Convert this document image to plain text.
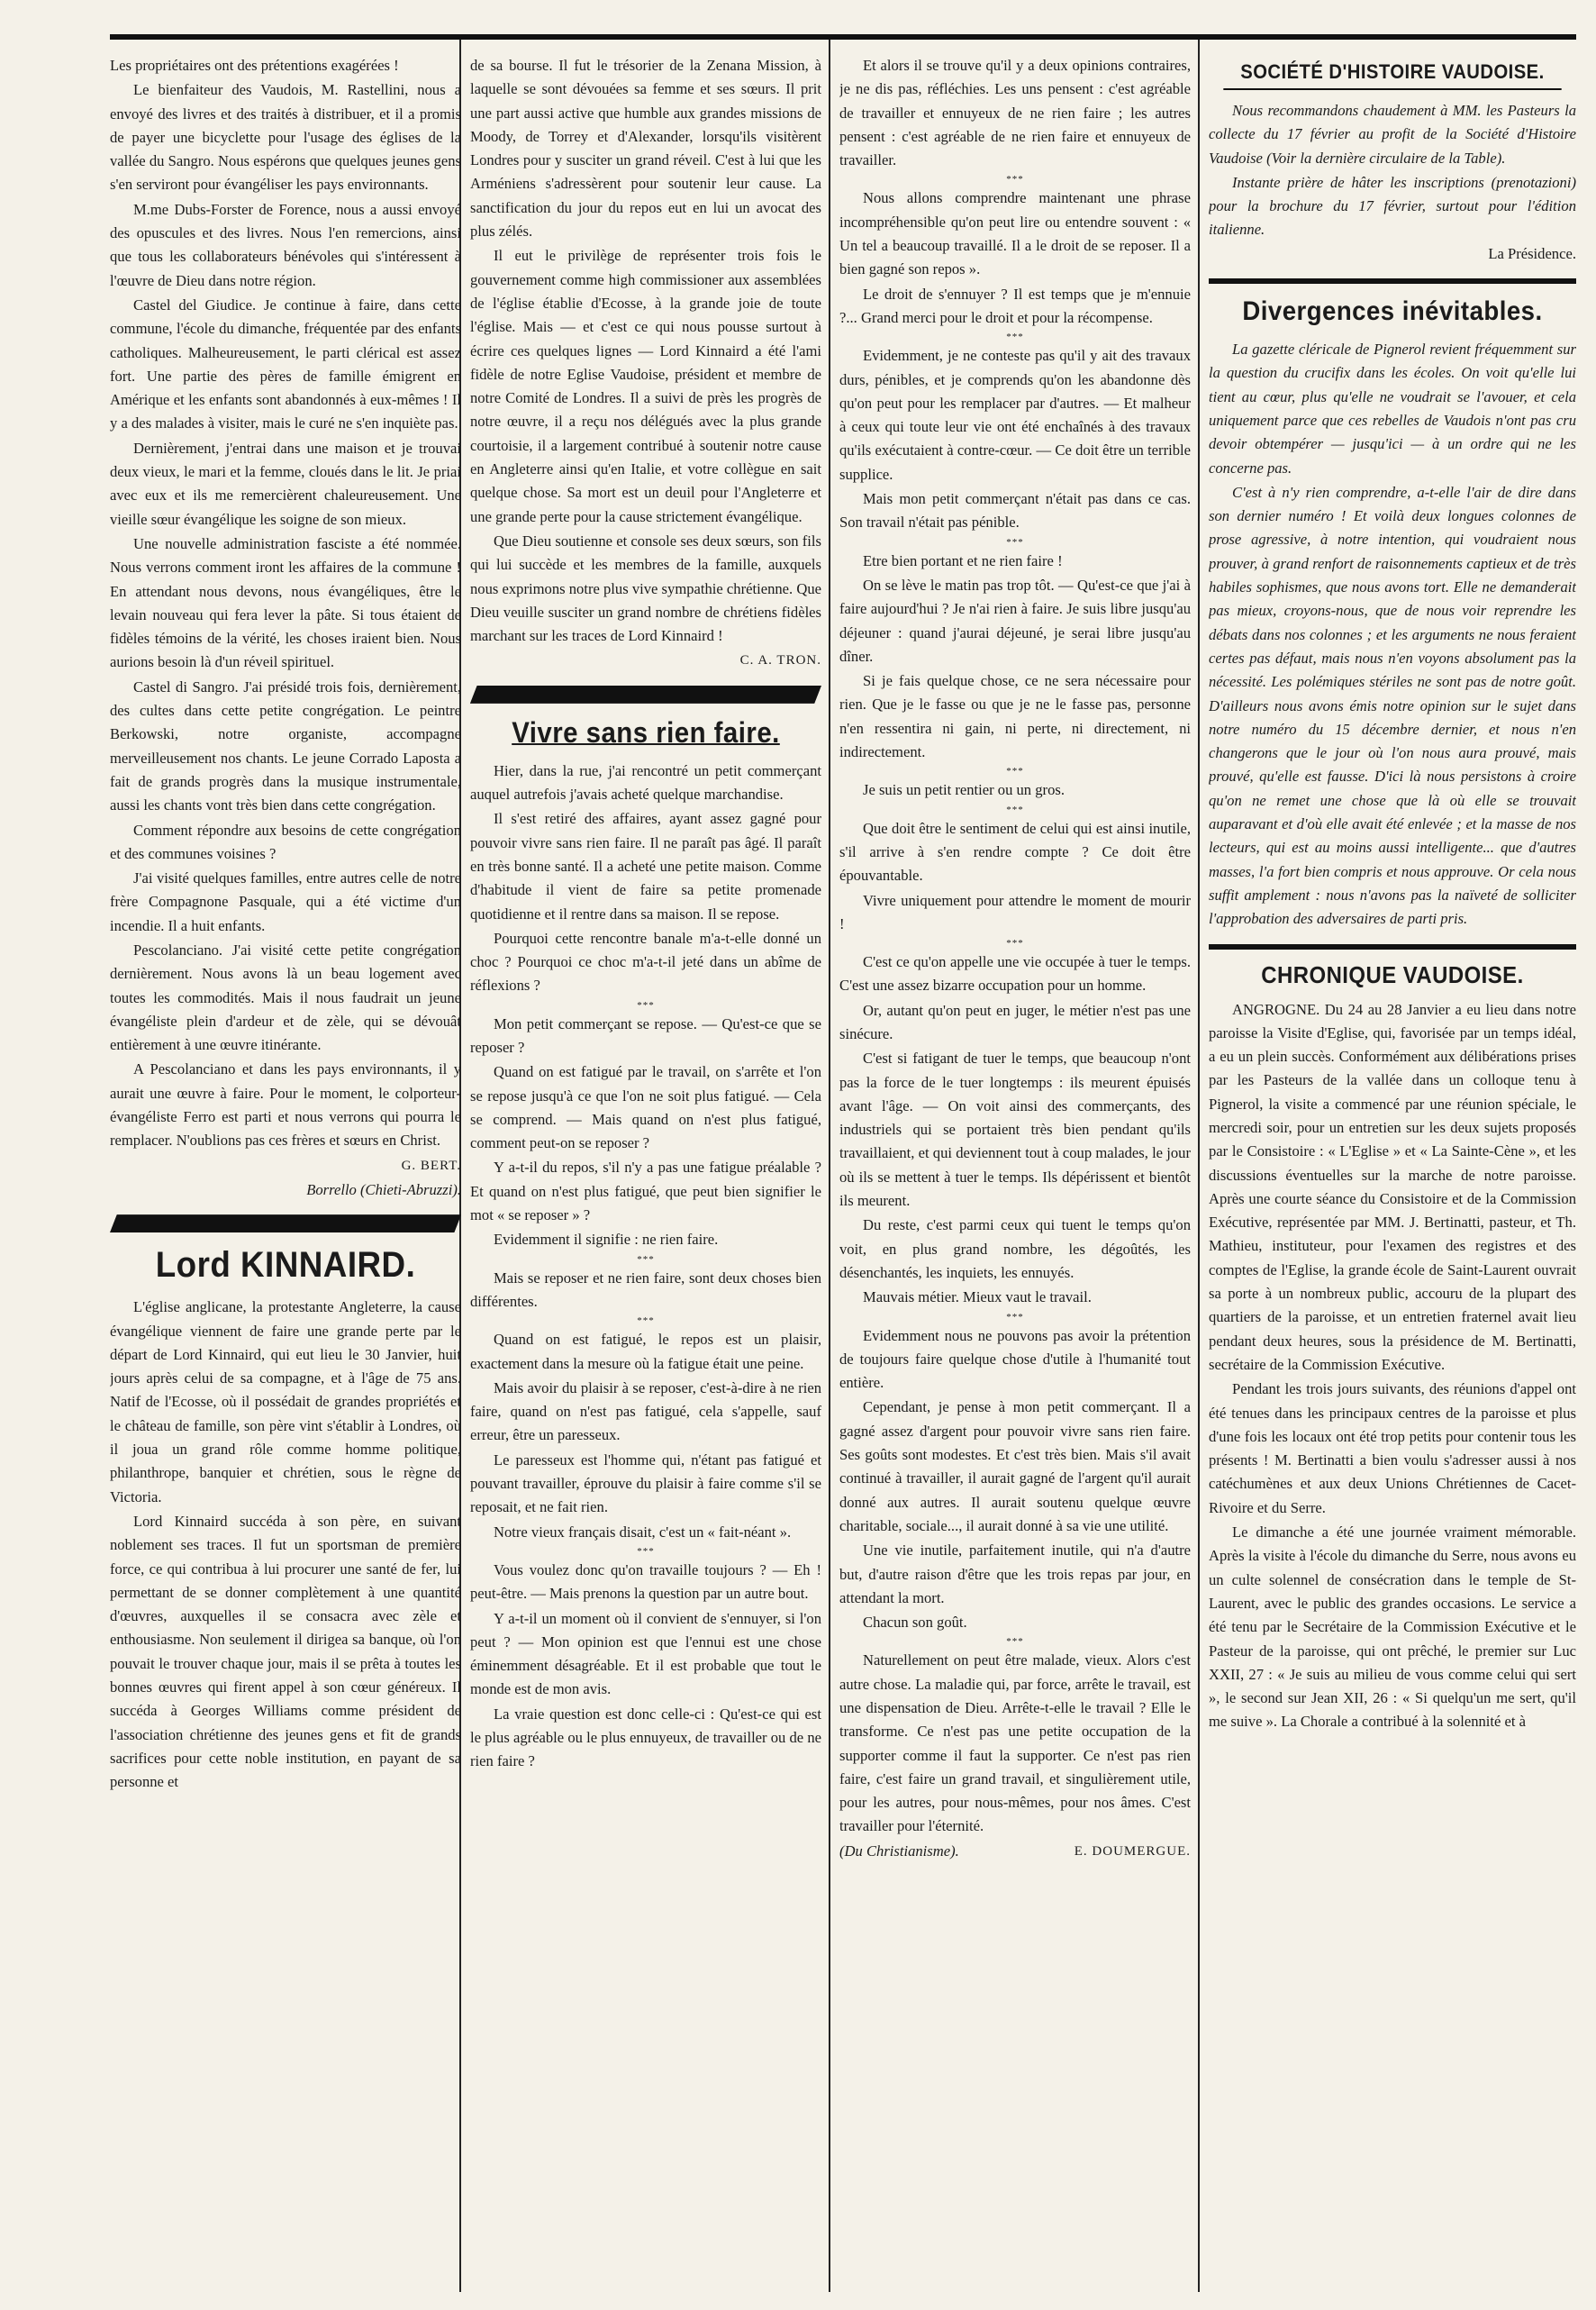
Les propriétaires ont des prétentions exagérées !

Le bienfaiteur des Vaudois, M. Rastellini, nous a envoyé des livres et des traités à distribuer, et il a promis de payer une bicyclette pour l'usage des églises de la vallée du Sangro. Nous espérons que quelques jeunes gens s'en serviront pour évangéliser les pays environnants.

M.me Dubs-Forster de Forence, nous a aussi envoyé des opuscules et des livres. Nous l'en remercions, ainsi que tous les collaborateurs bénévoles qui s'intéressent à l'œuvre de Dieu dans notre région.

Castel del Giudice. Je continue à faire, dans cette commune, l'école du dimanche, fréquentée par des enfants catholiques. Malheureusement, le parti clérical est assez fort. Une partie des pères de famille émigrent en Amérique et les enfants sont abandonnés à eux-mêmes ! Il y a des malades à visiter, mais le curé ne s'en inquiète pas.

Dernièrement, j'entrai dans une maison et je trouvai deux vieux, le mari et la femme, cloués dans le lit. Je priai avec eux et ils me remercièrent chaleureusement. Une vieille sœur évangélique les soigne de son mieux.

Une nouvelle administration fasciste a été nommée. Nous verrons comment iront les affaires de la commune ! En attendant nous devons, nous évangéliques, être le levain nouveau qui fera lever la pâte. Si tous étaient de fidèles témoins de la vérité, les choses iraient bien. Nous aurions besoin là d'un réveil spirituel.

Castel di Sangro. J'ai présidé trois fois, dernièrement, des cultes dans cette petite congrégation. Le peintre Berkowski, notre organiste, accompagne merveilleusement nos chants. Le jeune Corrado Laposta a fait de grands progrès dans la musique instrumentale, aussi les chants vont très bien dans cette congrégation.

Comment répondre aux besoins de cette congrégation et des communes voisines ?

J'ai visité quelques familles, entre autres celle de notre frère Compagnone Pasquale, qui a été victime d'un incendie. Il a huit enfants.

Pescolanciano. J'ai visité cette petite congrégation dernièrement. Nous avons là un beau logement avec toutes les commodités. Mais il nous faudrait un jeune évangéliste plein d'ardeur et de zèle, qui se dévouât entièrement à une œuvre itinérante.

A Pescolanciano et dans les pays environnants, il y aurait une œuvre à faire. Pour le moment, le colporteur-évangéliste Ferro est parti et nous verrons qui pourra le remplacer. N'oublions pas ces frères et sœurs en Christ.

G. BERT.

Borrello (Chieti-Abruzzi).

Lord KINNAIRD.

L'église anglicane, la protestante Angleterre, la cause évangélique viennent de faire une grande perte par le départ de Lord Kinnaird, qui eut lieu le 30 Janvier, huit jours après celui de sa compagne, et à l'âge de 75 ans. Natif de l'Ecosse, où il possédait de grandes propriétés et le château de famille, son père vint s'établir à Londres, où il joua un grand rôle comme homme politique, philanthrope, banquier et chrétien, sous le règne de Victoria.

Lord Kinnaird succéda à son père, en suivant noblement ses traces. Il fut un sportsman de première force, ce qui contribua à lui procurer une santé de fer, lui permettant de se donner complètement à une quantité d'œuvres, auxquelles il se consacra avec zèle et enthousiasme. Non seulement il dirigea sa banque, où l'on pouvait le trouver chaque jour, mais il se prêta à toutes les bonnes œuvres qui firent appel à son cœur généreux. Il succéda à Georges Williams comme président de l'association chrétienne des jeunes gens et fit de grands sacrifices pour cette noble institution, en payant de sa personne et

de sa bourse. Il fut le trésorier de la Zenana Mission, à laquelle se sont dévouées sa femme et ses sœurs. Il prit une part aussi active que humble aux grandes missions de Moody, de Torrey et d'Alexander, lorsqu'ils visitèrent Londres pour y susciter un grand réveil. C'est à lui que les Arméniens s'adressèrent pour soutenir leur cause. La sanctification du jour du repos eut en lui un avocat des plus zélés.

Il eut le privilège de représenter trois fois le gouvernement comme high commissioner aux assemblées de l'église établie d'Ecosse, à la grande joie de toute l'église. Mais — et c'est ce qui nous pousse surtout à écrire ces quelques lignes — Lord Kinnaird a été l'ami fidèle de notre Eglise Vaudoise, président et membre de notre Comité de Londres. Il a suivi de près les progrès de notre œuvre, il a reçu nos délégués avec la plus grande courtoisie, il a largement contribué à soutenir notre cause en Angleterre ainsi qu'en Italie, et votre collègue en sait quelque chose. Sa mort est un deuil pour l'Angleterre et une grande perte pour la cause strictement évangélique.

Que Dieu soutienne et console ses deux sœurs, son fils qui lui succède et les membres de la famille, auxquels nous exprimons notre plus vive sympathie chrétienne. Que Dieu veuille susciter un grand nombre de chrétiens fidèles marchant sur les traces de Lord Kinnaird !

C. A. TRON.

Vivre sans rien faire.

Hier, dans la rue, j'ai rencontré un petit commerçant auquel autrefois j'avais acheté quelque marchandise.

Il s'est retiré des affaires, ayant assez gagné pour pouvoir vivre sans rien faire. Il ne paraît pas âgé. Il paraît en très bonne santé. Il a acheté une petite maison. Comme d'habitude il vient de faire sa petite promenade quotidienne et il rentre dans sa maison. Il se repose.

Pourquoi cette rencontre banale m'a-t-elle donné un choc ? Pourquoi ce choc m'a-t-il jeté dans un abîme de réflexions ?

***

Mon petit commerçant se repose. — Qu'est-ce que se reposer ?

Quand on est fatigué par le travail, on s'arrête et l'on se repose jusqu'à ce que l'on ne soit plus fatigué. — Cela se comprend. — Mais quand on n'est plus fatigué, comment peut-on se reposer ?

Y a-t-il du repos, s'il n'y a pas une fatigue préalable ? Et quand on n'est plus fatigué, que peut bien signifier le mot « se reposer » ?

Evidemment il signifie : ne rien faire.

***

Mais se reposer et ne rien faire, sont deux choses bien différentes.

***

Quand on est fatigué, le repos est un plaisir, exactement dans la mesure où la fatigue était une peine.

Mais avoir du plaisir à se reposer, c'est-à-dire à ne rien faire, quand on n'est pas fatigué, cela s'appelle, sauf erreur, être un paresseux.

Le paresseux est l'homme qui, n'étant pas fatigué et pouvant travailler, éprouve du plaisir à faire comme s'il se reposait, et ne fait rien.

Notre vieux français disait, c'est un « fait-néant ».

***

Vous voulez donc qu'on travaille toujours ? — Eh ! peut-être. — Mais prenons la question par un autre bout.

Y a-t-il un moment où il convient de s'ennuyer, si l'on peut ? — Mon opinion est que l'ennui est une chose éminemment désagréable. Et il est probable que tout le monde est de mon avis.

La vraie question est donc celle-ci : Qu'est-ce qui est le plus agréable ou le plus ennuyeux, de travailler ou de ne rien faire ?

Et alors il se trouve qu'il y a deux opinions contraires, je ne dis pas, réfléchies. Les uns pensent : c'est agréable de travailler et ennuyeux de ne rien faire ; les autres pensent : c'est agréable de ne rien faire et ennuyeux de travailler.

***

Nous allons comprendre maintenant une phrase incompréhensible qu'on peut lire ou entendre souvent : « Un tel a beaucoup travaillé. Il a le droit de se reposer. Il a bien gagné son repos ».

Le droit de s'ennuyer ? Il est temps que je m'ennuie ?... Grand merci pour le droit et pour la récompense.

***

Evidemment, je ne conteste pas qu'il y ait des travaux durs, pénibles, et je comprends qu'on les abandonne dès qu'on peut pour les remplacer par d'autres. — Et malheur à ceux qui toute leur vie ont été enchaînés à des travaux qu'ils exécutaient à contre-cœur. — Ce doit être un terrible supplice.

Mais mon petit commerçant n'était pas dans ce cas. Son travail n'était pas pénible.

***

Etre bien portant et ne rien faire !

On se lève le matin pas trop tôt. — Qu'est-ce que j'ai à faire aujourd'hui ? Je n'ai rien à faire. Je suis libre jusqu'au déjeuner : quand j'aurai déjeuné, je serai libre jusqu'au dîner.

Si je fais quelque chose, ce ne sera nécessaire pour rien. Que je le fasse ou que je ne le fasse pas, personne n'en ressentira ni gain, ni perte, ni directement, ni indirectement.

***

Je suis un petit rentier ou un gros.

***

Que doit être le sentiment de celui qui est ainsi inutile, s'il arrive à s'en rendre compte ? Ce doit être épouvantable.

Vivre uniquement pour attendre le moment de mourir !

***

C'est ce qu'on appelle une vie occupée à tuer le temps. C'est une assez bizarre occupation pour un homme.

Or, autant qu'on peut en juger, le métier n'est pas une sinécure.

C'est si fatigant de tuer le temps, que beaucoup n'ont pas la force de le tuer longtemps : ils meurent épuisés avant l'âge. — On voit ainsi des commerçants, des industriels qui se portaient très bien pendant qu'ils travaillaient, et qui deviennent tout à coup malades, le jour où ils se mettent à tuer le temps. Ils dépérissent et bientôt ils meurent.

Du reste, c'est parmi ceux qui tuent le temps qu'on voit, en plus grand nombre, les dégoûtés, les désenchantés, les inquiets, les ennuyés.

Mauvais métier. Mieux vaut le travail.

***

Evidemment nous ne pouvons pas avoir la prétention de toujours faire quelque chose d'utile à l'humanité tout entière.

Cependant, je pense à mon petit commerçant. Il a gagné assez d'argent pour pouvoir vivre sans rien faire. Ses goûts sont modestes. Et c'est très bien. Mais s'il avait continué à travailler, il aurait gagné de l'argent qu'il aurait donné aux autres. Il aurait soutenu quelque œuvre charitable, sociale..., il aurait donné à sa vie une utilité.

Une vie inutile, parfaitement inutile, qui n'a d'autre but, d'autre raison d'être que les trois repas par jour, en attendant la mort.

Chacun son goût.

***

Naturellement on peut être malade, vieux. Alors c'est autre chose. La maladie qui, par force, arrête le travail, est une dispensation de Dieu. Arrête-t-elle le travail ? Elle le transforme. Ce n'est pas une petite occupation de la supporter comme il faut la supporter. Ce n'est pas rien faire, c'est faire un grand travail, et singulièrement utile, pour les autres, pour nous-mêmes, pour nos âmes. C'est travailler pour l'éternité.

(Du Christianisme).	E. DOUMERGUE.

SOCIÉTÉ D'HISTOIRE VAUDOISE.

Nous recommandons chaudement à MM. les Pasteurs la collecte du 17 février au profit de la Société d'Histoire Vaudoise (Voir la dernière circulaire de la Table).

Instante prière de hâter les inscriptions (prenotazioni) pour la brochure du 17 février, surtout pour l'édition italienne.

La Présidence.

Divergences inévitables.

La gazette cléricale de Pignerol revient fréquemment sur la question du crucifix dans les écoles. On voit qu'elle lui tient au cœur, plus qu'elle ne voudrait se l'avouer, et cela uniquement parce que ces rebelles de Vaudois n'ont pas cru devoir obtempérer — jusqu'ici — à un ordre qui ne les concerne pas.

C'est à n'y rien comprendre, a-t-elle l'air de dire dans son dernier numéro ! Et voilà deux longues colonnes de prose agressive, à notre intention, qui voudraient nous prouver, à grand renfort de raisonnements captieux et de très habiles sophismes, que nous avons tort. Elle ne demanderait pas mieux, croyons-nous, que de nous voir reprendre les débats dans nos colonnes ; et les arguments ne nous feraient certes pas défaut, mais nous n'en voyons absolument pas la nécessité. Les polémiques stériles ne sont pas de notre goût. D'ailleurs nous avons émis notre opinion sur le sujet dans notre numéro du 15 décembre dernier, et nous n'en changerons que le jour où l'on nous aura prouvé, mais prouvé, qu'elle est fausse. D'ici là nous persistons à croire qu'on ne remet une chose que là où elle se trouvait auparavant et d'où elle avait été enlevée ; et la masse de nos lecteurs, qui est au moins aussi intelligente... que d'autres masses, l'a fort bien compris et nous approuve. Or cela nous suffit amplement : nous n'avons pas la naïveté de solliciter l'approbation des adversaires de parti pris.

CHRONIQUE VAUDOISE.

ANGROGNE. Du 24 au 28 Janvier a eu lieu dans notre paroisse la Visite d'Eglise, qui, favorisée par un temps idéal, a eu un plein succès. Conformément aux délibérations prises par les Pasteurs de la vallée dans un colloque tenu à Pignerol, la visite a commencé par une réunion spéciale, le mercredi soir, pour un entretien sur les deux sujets proposés par le Consistoire : « L'Eglise » et « La Sainte-Cène », et les discussions éventuelles sur la marche de notre paroisse. Après une courte séance du Consistoire et de la Commission Exécutive, représentée par MM. J. Bertinatti, pasteur, et Th. Mathieu, instituteur, pour l'examen des registres et des comptes de l'Eglise, la grande école de Saint-Laurent ouvrait sa porte à un nombreux public, accouru de la plupart des quartiers de la paroisse, et un entretien fraternel avait lieu pendant deux heures, sous la présidence de M. Bertinatti, secrétaire de la Commission Exécutive.

Pendant les trois jours suivants, des réunions d'appel ont été tenues dans les principaux centres de la paroisse et plus d'une fois les locaux ont été trop petits pour contenir tous les présents ! M. Bertinatti a bien voulu s'adresser aussi à nos catéchumènes et aux deux Unions Chrétiennes de Cacet-Rivoire et du Serre.

Le dimanche a été une journée vraiment mémorable. Après la visite à l'école du dimanche du Serre, nous avons eu un culte solennel de consécration dans le temple de St-Laurent, avec le public des grandes occasions. Le service a été tenu par le Secrétaire de la Commission Exécutive et le Pasteur de la paroisse, qui ont prêché, le premier sur Luc XXII, 27 : « Je suis au milieu de vous comme celui qui sert », le second sur Jean XII, 26 : « Si quelqu'un me sert, qu'il me suive ». La Chorale a contribué à la solennité et à
